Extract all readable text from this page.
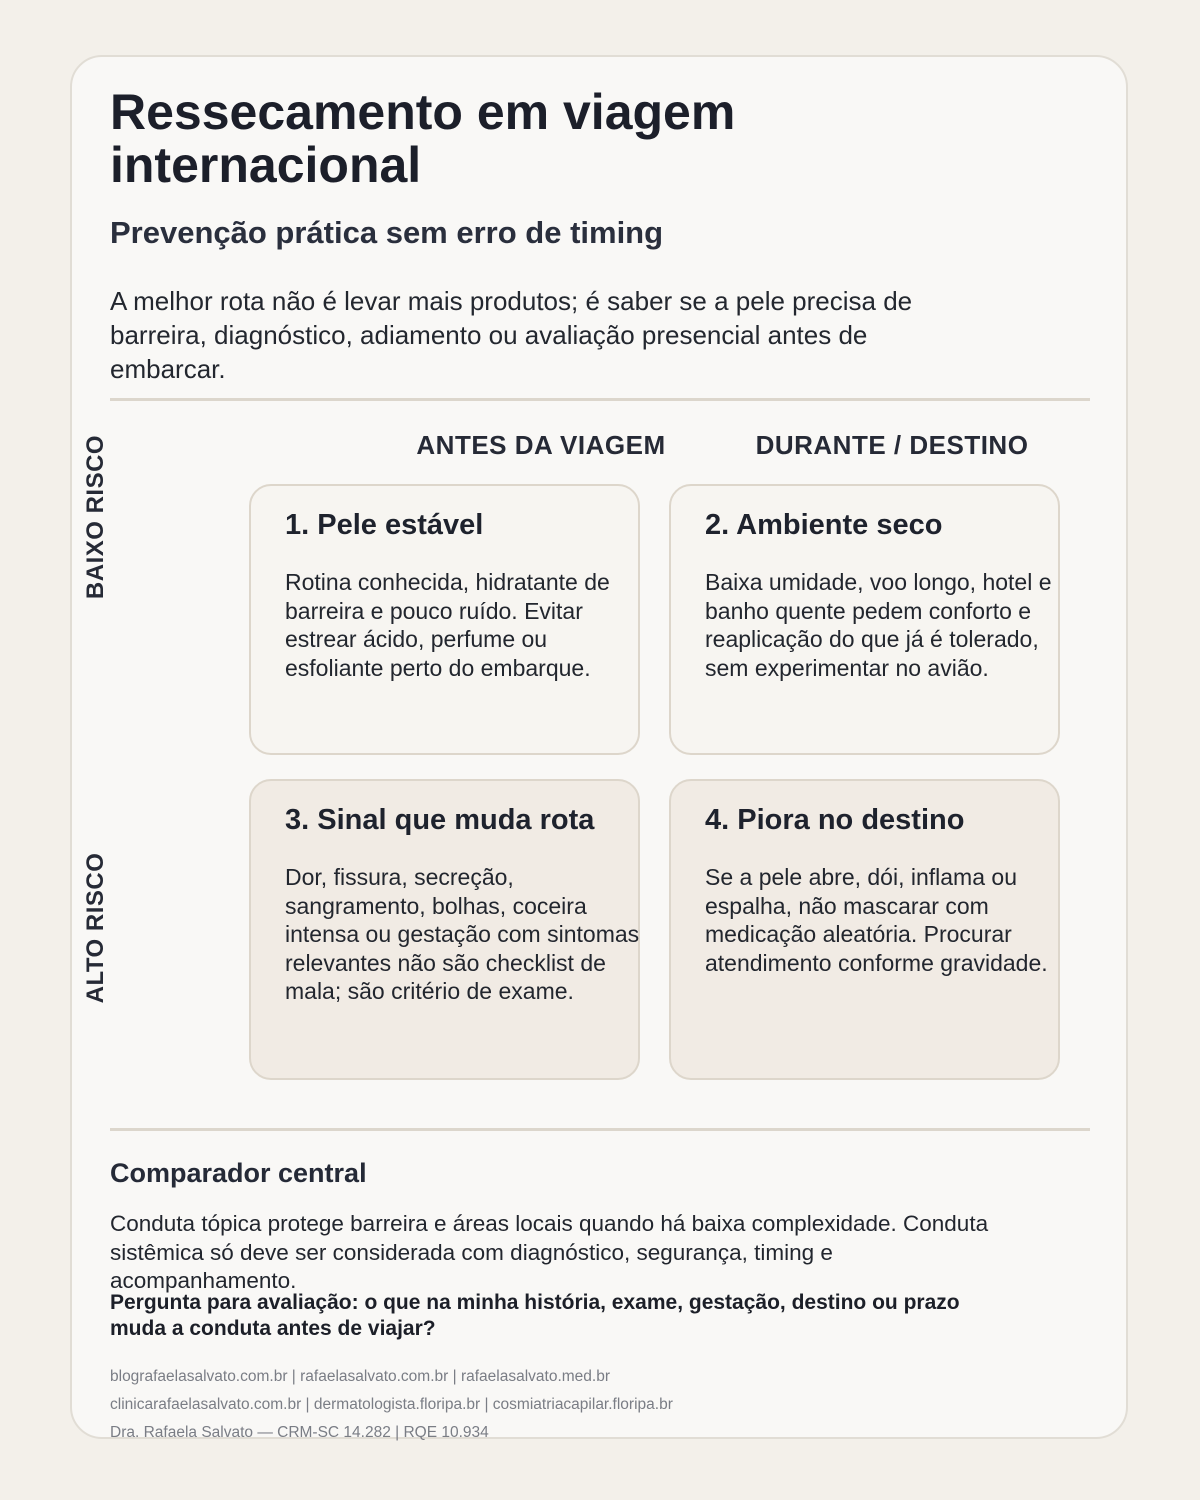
Ressecamento em viagem internacional
Prevenção prática sem erro de timing

A melhor rota não é levar mais produtos; é saber se a pele precisa de barreira, diagnóstico, adiamento ou avaliação presencial antes de embarcar.

ANTES DA VIAGEM	DURANTE / DESTINO
BAIXO RISCO
ALTO RISCO
1. Pele estável

Rotina conhecida, hidratante de barreira e pouco ruído. Evitar estrear ácido, perfume ou esfoliante perto do embarque.

2. Ambiente seco

Baixa umidade, voo longo, hotel e banho quente pedem conforto e reaplicação do que já é tolerado, sem experimentar no avião.

3. Sinal que muda rota

Dor, fissura, secreção, sangramento, bolhas, coceira intensa ou gestação com sintomas relevantes não são checklist de mala; são critério de exame.

4. Piora no destino

Se a pele abre, dói, inflama ou espalha, não mascarar com medicação aleatória. Procurar atendimento conforme gravidade.

Comparador central

Conduta tópica protege barreira e áreas locais quando há baixa complexidade. Conduta sistêmica só deve ser considerada com diagnóstico, segurança, timing e acompanhamento.

Pergunta para avaliação: o que na minha história, exame, gestação, destino ou prazo muda a conduta antes de viajar?

blografaelasalvato.com.br | rafaelasalvato.com.br | rafaelasalvato.med.br
clinicarafaelasalvato.com.br | dermatologista.floripa.br | cosmiatriacapilar.floripa.br
Dra. Rafaela Salvato — CRM-SC 14.282 | RQE 10.934
